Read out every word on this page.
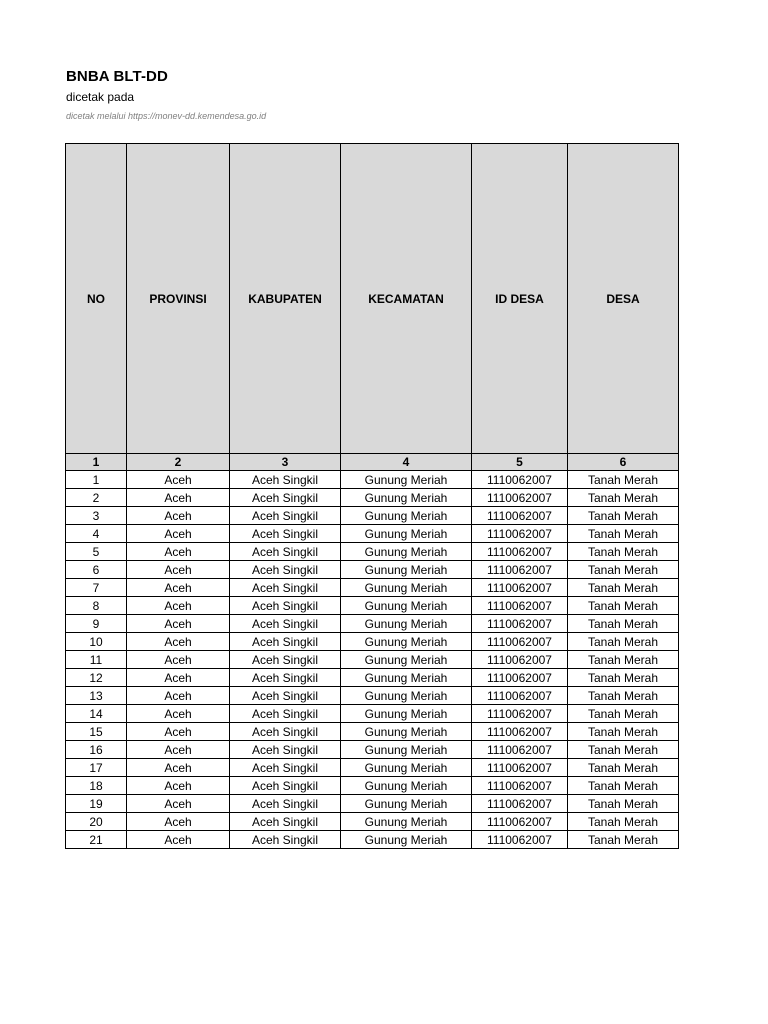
BNBA BLT-DD
dicetak pada
dicetak melalui https://monev-dd.kemendesa.go.id
NO	PROVINSI	KABUPATEN	KECAMATAN	ID DESA	DESA
1	2	3	4	5	6
1	Aceh	Aceh Singkil	Gunung Meriah	1110062007	Tanah Merah
2	Aceh	Aceh Singkil	Gunung Meriah	1110062007	Tanah Merah
3	Aceh	Aceh Singkil	Gunung Meriah	1110062007	Tanah Merah
4	Aceh	Aceh Singkil	Gunung Meriah	1110062007	Tanah Merah
5	Aceh	Aceh Singkil	Gunung Meriah	1110062007	Tanah Merah
6	Aceh	Aceh Singkil	Gunung Meriah	1110062007	Tanah Merah
7	Aceh	Aceh Singkil	Gunung Meriah	1110062007	Tanah Merah
8	Aceh	Aceh Singkil	Gunung Meriah	1110062007	Tanah Merah
9	Aceh	Aceh Singkil	Gunung Meriah	1110062007	Tanah Merah
10	Aceh	Aceh Singkil	Gunung Meriah	1110062007	Tanah Merah
11	Aceh	Aceh Singkil	Gunung Meriah	1110062007	Tanah Merah
12	Aceh	Aceh Singkil	Gunung Meriah	1110062007	Tanah Merah
13	Aceh	Aceh Singkil	Gunung Meriah	1110062007	Tanah Merah
14	Aceh	Aceh Singkil	Gunung Meriah	1110062007	Tanah Merah
15	Aceh	Aceh Singkil	Gunung Meriah	1110062007	Tanah Merah
16	Aceh	Aceh Singkil	Gunung Meriah	1110062007	Tanah Merah
17	Aceh	Aceh Singkil	Gunung Meriah	1110062007	Tanah Merah
18	Aceh	Aceh Singkil	Gunung Meriah	1110062007	Tanah Merah
19	Aceh	Aceh Singkil	Gunung Meriah	1110062007	Tanah Merah
20	Aceh	Aceh Singkil	Gunung Meriah	1110062007	Tanah Merah
21	Aceh	Aceh Singkil	Gunung Meriah	1110062007	Tanah Merah
